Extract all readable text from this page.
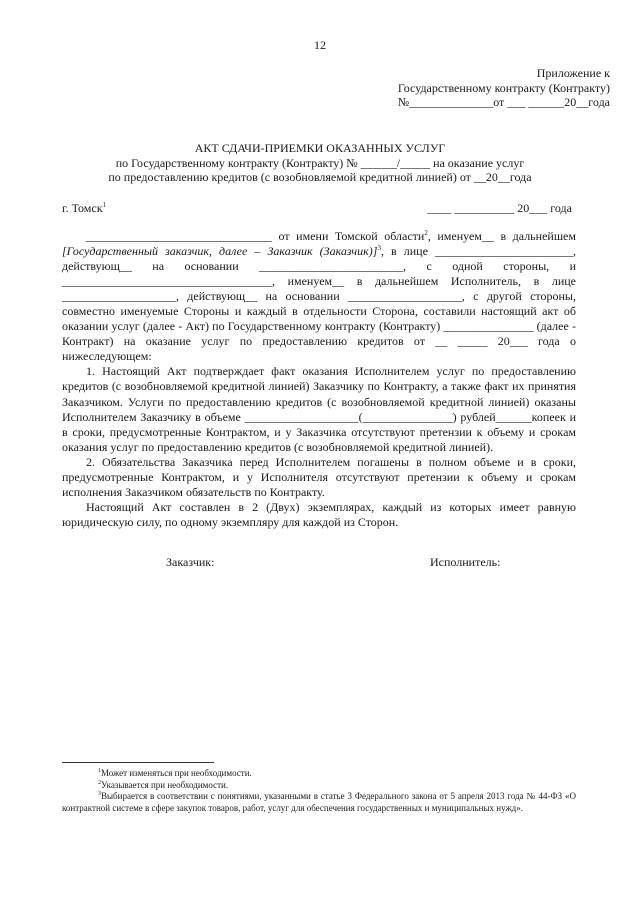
12
Приложение к
Государственному контракту (Контракту)
№______________от ___ ______20__года
АКТ СДАЧИ-ПРИЕМКИ ОКАЗАННЫХ УСЛУГ
по Государственному контракту (Контракту) № ______/_____ на оказание услуг
по предоставлению кредитов (с возобновляемой кредитной линией) от __20__года
г. Томск$^1$	____ __________ 20___ года

_______________________________ от имени Томской области$^2$, именуем__ в дальнейшем [Государственный заказчик, далее – Заказчик (Заказчик)]$^3$, в лице _______________________, действующ__ на основании ________________________, с одной стороны, и ___________________________________, именуем__ в дальнейшем Исполнитель, в лице ___________________, действующ__ на основании ___________________, с другой стороны, совместно именуемые Стороны и каждый в отдельности Сторона, составили настоящий акт об оказании услуг (далее - Акт) по Государственному контракту (Контракту) _______________ (далее - Контракт) на оказание услуг по предоставлению кредитов от __ _____ 20___ года о нижеследующем:

1. Настоящий Акт подтверждает факт оказания Исполнителем услуг по предоставлению кредитов (с возобновляемой кредитной линией) Заказчику по Контракту, а также факт их принятия Заказчиком. Услуги по предоставлению кредитов (с возобновляемой кредитной линией) оказаны Исполнителем Заказчику в объеме ___________________(_______________) рублей______копеек и в сроки, предусмотренные Контрактом, и у Заказчика отсутствуют претензии к объему и срокам оказания услуг по предоставлению кредитов (с возобновляемой кредитной линией).

2. Обязательства Заказчика перед Исполнителем погашены в полном объеме и в сроки, предусмотренные Контрактом, и у Исполнителя отсутствуют претензии к объему и срокам исполнения Заказчиком обязательств по Контракту.

Настоящий Акт составлен в 2 (Двух) экземплярах, каждый из которых имеет равную юридическую силу, по одному экземпляру для каждой из Сторон.

Заказчик:	Исполнитель:

$^1$Может изменяться при необходимости.

$^2$Указывается при необходимости.

$^3$Выбирается в соответствии с понятиями, указанными в статье 3 Федерального закона от 5 апреля 2013 года № 44-ФЗ «О контрактной системе в сфере закупок товаров, работ, услуг для обеспечения государственных и муниципальных нужд».
